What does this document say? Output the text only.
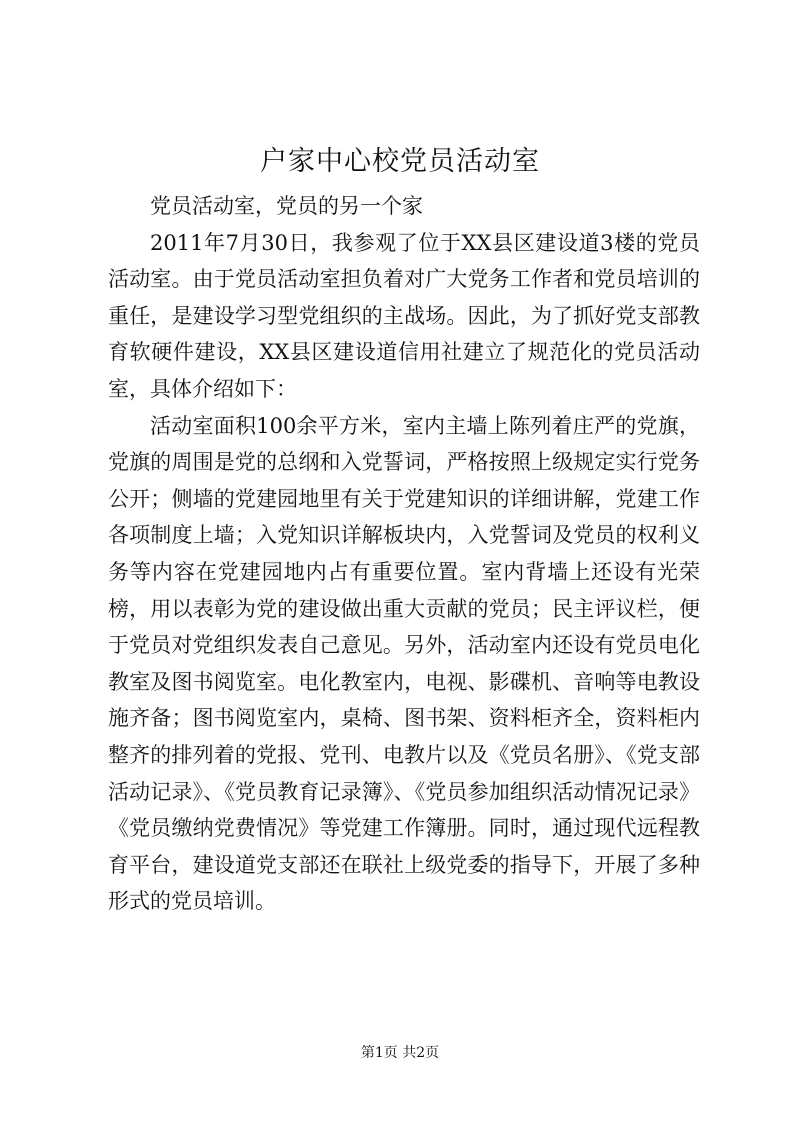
户家中心校党员活动室

党员活动室，党员的另一个家

2011年7月30日，我参观了位于XX县区建设道3楼的党员活动室。由于党员活动室担负着对广大党务工作者和党员培训的重任，是建设学习型党组织的主战场。因此，为了抓好党支部教育软硬件建设，XX县区建设道信用社建立了规范化的党员活动室，具体介绍如下：

活动室面积100余平方米，室内主墙上陈列着庄严的党旗，党旗的周围是党的总纲和入党誓词，严格按照上级规定实行党务公开；侧墙的党建园地里有关于党建知识的详细讲解，党建工作各项制度上墙；入党知识详解板块内，入党誓词及党员的权利义务等内容在党建园地内占有重要位置。室内背墙上还设有光荣榜，用以表彰为党的建设做出重大贡献的党员；民主评议栏，便于党员对党组织发表自己意见。另外，活动室内还设有党员电化教室及图书阅览室。电化教室内，电视、影碟机、音响等电教设施齐备；图书阅览室内，桌椅、图书架、资料柜齐全，资料柜内整齐的排列着的党报、党刊、电教片以及《党员名册》、《党支部活动记录》、《党员教育记录簿》、《党员参加组织活动情况记录》《党员缴纳党费情况》等党建工作簿册。同时，通过现代远程教育平台，建设道党支部还在联社上级党委的指导下，开展了多种形式的党员培训。

第1页 共2页
